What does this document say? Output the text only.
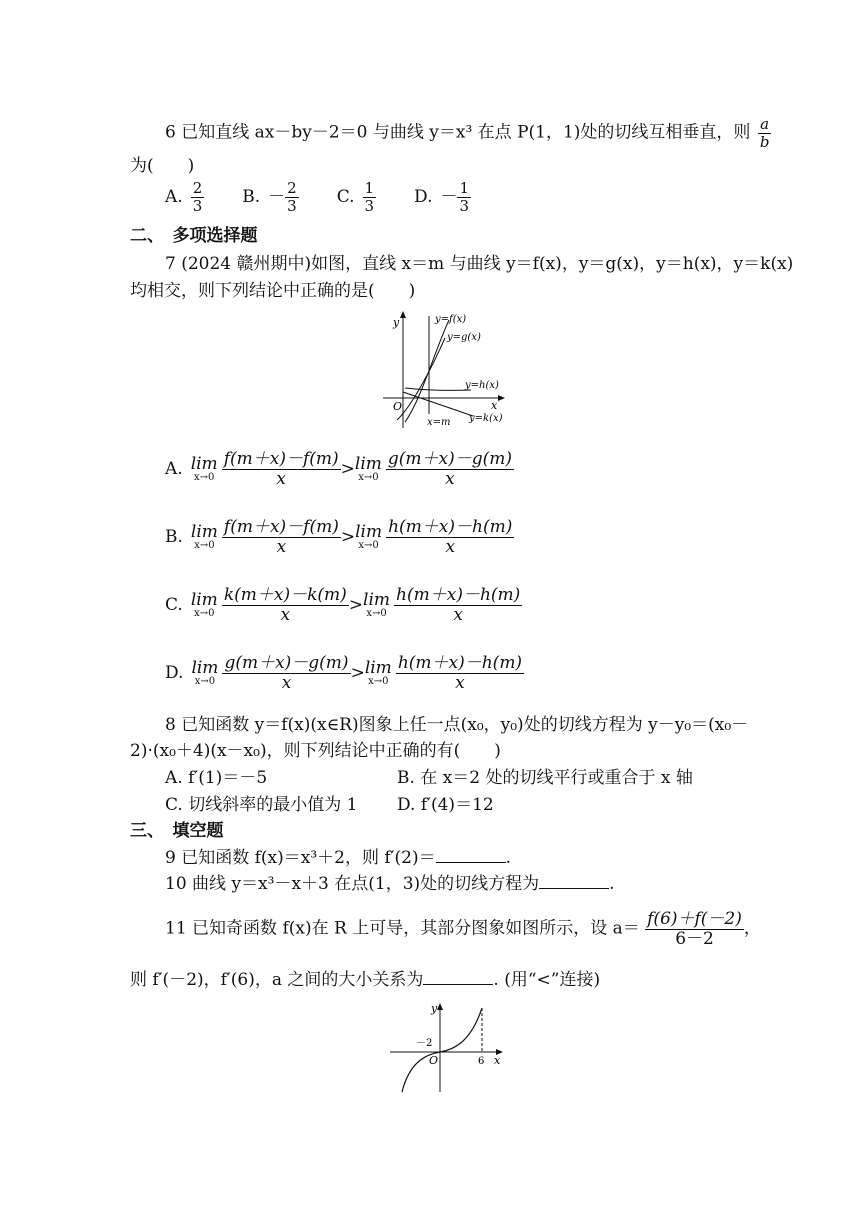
6 已知直线 ax－by－2＝0 与曲线 y＝x³ 在点 P(1，1)处的切线互相垂直，则 $\frac{a}{b}$
为(　　)
A. $\frac{2}{3} B$. － $\frac{2}{3} C$. $\frac{1}{3} D$. － $\frac{1}{3}$
二、　多项选择题
7 (2024 赣州期中)如图，直线 x＝m 与曲线 y＝f(x)，y＝g(x)，y＝h(x)，y＝k(x)
均相交，则下列结论中正确的是(　　)
y
x
O
x=m
y=f(x)
y=g(x)
y=h(x)
y=k(x)
A. lim
$x\to 0 \frac{f(m+x)-f(m)}{x} > \lim$
$x\to 0 \frac{g(m+x)-g(m)}{x}$
B. lim
$x\to 0 \frac{f(m+x)-f(m)}{x} > \lim$
$x\to 0 \frac{h(m+x)-h(m)}{x}$
C. lim
$x\to 0 \frac{k(m+x)-k(m)}{x} > \lim$
$x\to 0 \frac{h(m+x)-h(m)}{x}$
D. lim
$x\to 0 \frac{g(m+x)-g(m)}{x} > \lim$
$x\to 0 \frac{h(m+x)-h(m)}{x}$
8 已知函数 y＝f(x)(x∈R)图象上任一点(x₀，y₀)处的切线方程为 y－y₀＝(x₀－
2)·(x₀＋4)(x－x₀)，则下列结论中正确的有(　　)
A. f′(1)＝－5	B. 在 x＝2 处的切线平行或重合于 x 轴
C. 切线斜率的最小值为 1 D. f′(4)＝12
三、　填空题
9 已知函数 f(x)＝x³＋2，则 f′(2)＝	.
10 曲线 y＝x³－x＋3 在点(1，3)处的切线方程为	.
11 已知奇函数 f(x)在 R 上可导，其部分图象如图所示，设 $a= \frac{f(6)+f(-2)}{6-2}$ ，
则 f′(－2)，f′(6)，a 之间的大小关系为	. (用“<”连接)
y
x
O
－2
6
